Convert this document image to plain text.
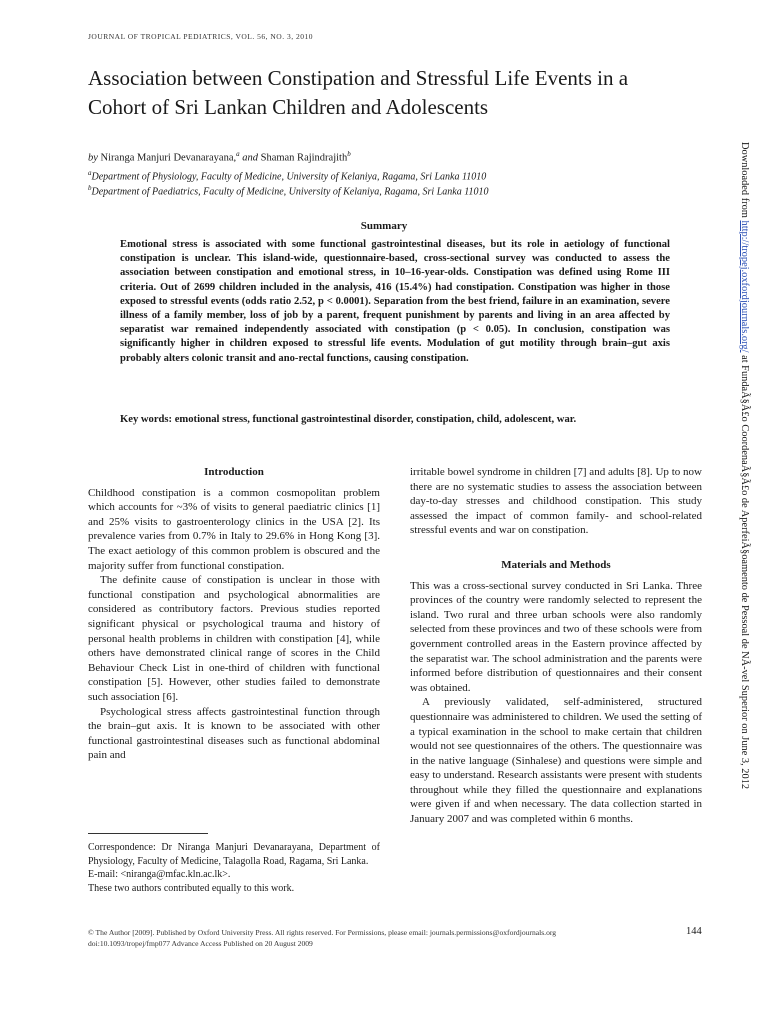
JOURNAL OF TROPICAL PEDIATRICS, VOL. 56, NO. 3, 2010
Association between Constipation and Stressful Life Events in a Cohort of Sri Lankan Children and Adolescents
by Niranga Manjuri Devanarayana,$^a$ and Shaman Rajindrajith$^b$
$^a$Department of Physiology, Faculty of Medicine, University of Kelaniya, Ragama, Sri Lanka 11010
$^b$Department of Paediatrics, Faculty of Medicine, University of Kelaniya, Ragama, Sri Lanka 11010
Summary

Emotional stress is associated with some functional gastrointestinal diseases, but its role in aetiology of functional constipation is unclear. This island-wide, questionnaire-based, cross-sectional survey was conducted to assess the association between constipation and emotional stress, in 10–16-year-olds. Constipation was defined using Rome III criteria. Out of 2699 children included in the analysis, 416 (15.4%) had constipation. Constipation was higher in those exposed to stressful events (odds ratio 2.52, p < 0.0001). Separation from the best friend, failure in an examination, severe illness of a family member, loss of job by a parent, frequent punishment by parents and living in an area affected by separatist war remained independently associated with constipation (p < 0.05). In conclusion, constipation was significantly higher in children exposed to stressful life events. Modulation of gut motility through brain–gut axis probably alters colonic transit and ano-rectal functions, causing constipation.

Key words: emotional stress, functional gastrointestinal disorder, constipation, child, adolescent, war.

Introduction

Childhood constipation is a common cosmopolitan problem which accounts for ~3% of visits to general paediatric clinics [1] and 25% visits to gastroenterology clinics in the USA [2]. Its prevalence varies from 0.7% in Italy to 29.6% in Hong Kong [3]. The exact aetiology of this common problem is obscured and the majority suffer from functional constipation.

The definite cause of constipation is unclear in those with functional constipation and psychological abnormalities are considered as contributory factors. Previous studies reported significant physical or psychological trauma and history of personal health problems in children with constipation [4], while others have demonstrated clinical range of scores in the Child Behaviour Check List in one-third of children with functional constipation [5]. However, other studies failed to demonstrate such association [6].

Psychological stress affects gastrointestinal function through the brain–gut axis. It is known to be associated with other functional gastrointestinal diseases such as functional abdominal pain and

Correspondence: Dr Niranga Manjuri Devanarayana, Department of Physiology, Faculty of Medicine, Talagolla Road, Ragama, Sri Lanka.
E-mail: <niranga@mfac.kln.ac.lk>.
These two authors contributed equally to this work.

irritable bowel syndrome in children [7] and adults [8]. Up to now there are no systematic studies to assess the association between day-to-day stresses and childhood constipation. This study assessed the impact of common family- and school-related stressful events and war on constipation.

Materials and Methods

This was a cross-sectional survey conducted in Sri Lanka. Three provinces of the country were randomly selected to represent the island. Two rural and three urban schools were also randomly selected from these provinces and two of these schools were from government controlled areas in the Eastern province affected by the separatist war. The school administration and the parents were informed before distribution of questionnaires and their consent was obtained.

A previously validated, self-administered, structured questionnaire was administered to children. We used the setting of a typical examination in the school to make certain that children would not see questionnaires of the others. The questionnaire was in the native language (Sinhalese) and questions were simple and easy to understand. Research assistants were present with students throughout while they filled the questionnaire and explanations were given if and when necessary. The data collection started in January 2007 and was completed within 6 months.

© The Author [2009]. Published by Oxford University Press. All rights reserved. For Permissions, please email: journals.permissions@oxfordjournals.org
doi:10.1093/tropej/fmp077 Advance Access Published on 20 August 2009
144
Downloaded from http://tropej.oxfordjournals.org/ at FundaÃ§Ã£o CoordenaÃ§Ã£o de AperfeiÃ§oamento de Pessoal de NÃ-vel Superior on June 3, 2012
